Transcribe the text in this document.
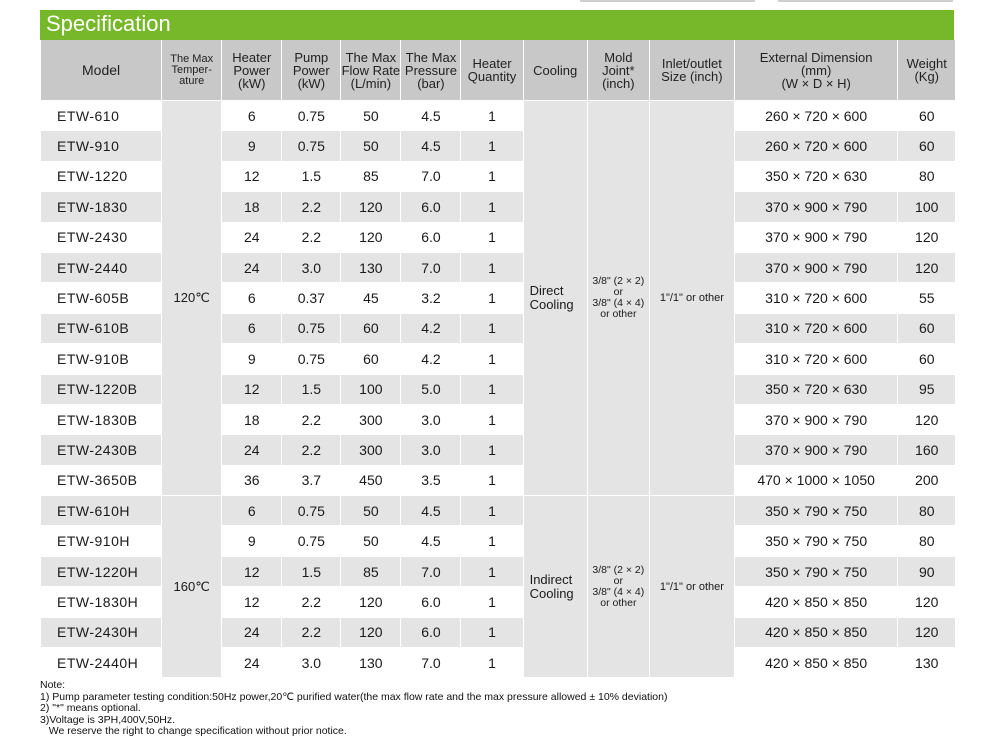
Specification
Model	The Max
Temper-
ature	Heater
Power
(kW)	Pump
Power
(kW)	The Max
Flow Rate
(L/min)	The Max
Pressure
(bar)	Heater
Quantity	Cooling	Mold
Joint*
(inch)	Inlet/outlet
Size (inch)	External Dimension
(mm)
(W × D × H)	Weight
(Kg)
ETW-610	120℃	6	0.75	50	4.5	1	Direct
Cooling	3/8" (2 × 2)
or
3/8" (4 × 4)
or other	1"/1" or other	260 × 720 × 600	60
ETW-910		9	0.75	50	4.5	1				260 × 720 × 600	60
ETW-1220		12	1.5	85	7.0	1				350 × 720 × 630	80
ETW-1830		18	2.2	120	6.0	1				370 × 900 × 790	100
ETW-2430		24	2.2	120	6.0	1				370 × 900 × 790	120
ETW-2440		24	3.0	130	7.0	1				370 × 900 × 790	120
ETW-605B		6	0.37	45	3.2	1				310 × 720 × 600	55
ETW-610B		6	0.75	60	4.2	1				310 × 720 × 600	60
ETW-910B		9	0.75	60	4.2	1				310 × 720 × 600	60
ETW-1220B		12	1.5	100	5.0	1				350 × 720 × 630	95
ETW-1830B		18	2.2	300	3.0	1				370 × 900 × 790	120
ETW-2430B		24	2.2	300	3.0	1				370 × 900 × 790	160
ETW-3650B		36	3.7	450	3.5	1				470 × 1000 × 1050	200
ETW-610H	160℃	6	0.75	50	4.5	1	Indirect
Cooling	3/8" (2 × 2)
or
3/8" (4 × 4)
or other	1"/1" or other	350 × 790 × 750	80
ETW-910H		9	0.75	50	4.5	1				350 × 790 × 750	80
ETW-1220H		12	1.5	85	7.0	1				350 × 790 × 750	90
ETW-1830H		12	2.2	120	6.0	1				420 × 850 × 850	120
ETW-2430H		24	2.2	120	6.0	1				420 × 850 × 850	120
ETW-2440H		24	3.0	130	7.0	1				420 × 850 × 850	130
Note:
1) Pump parameter testing condition:50Hz power,20℃ purified water(the max flow rate and the max pressure allowed ± 10% deviation)
2) "*" means optional.
3)Voltage is 3PH,400V,50Hz.
We reserve the right to change specification without prior notice.
